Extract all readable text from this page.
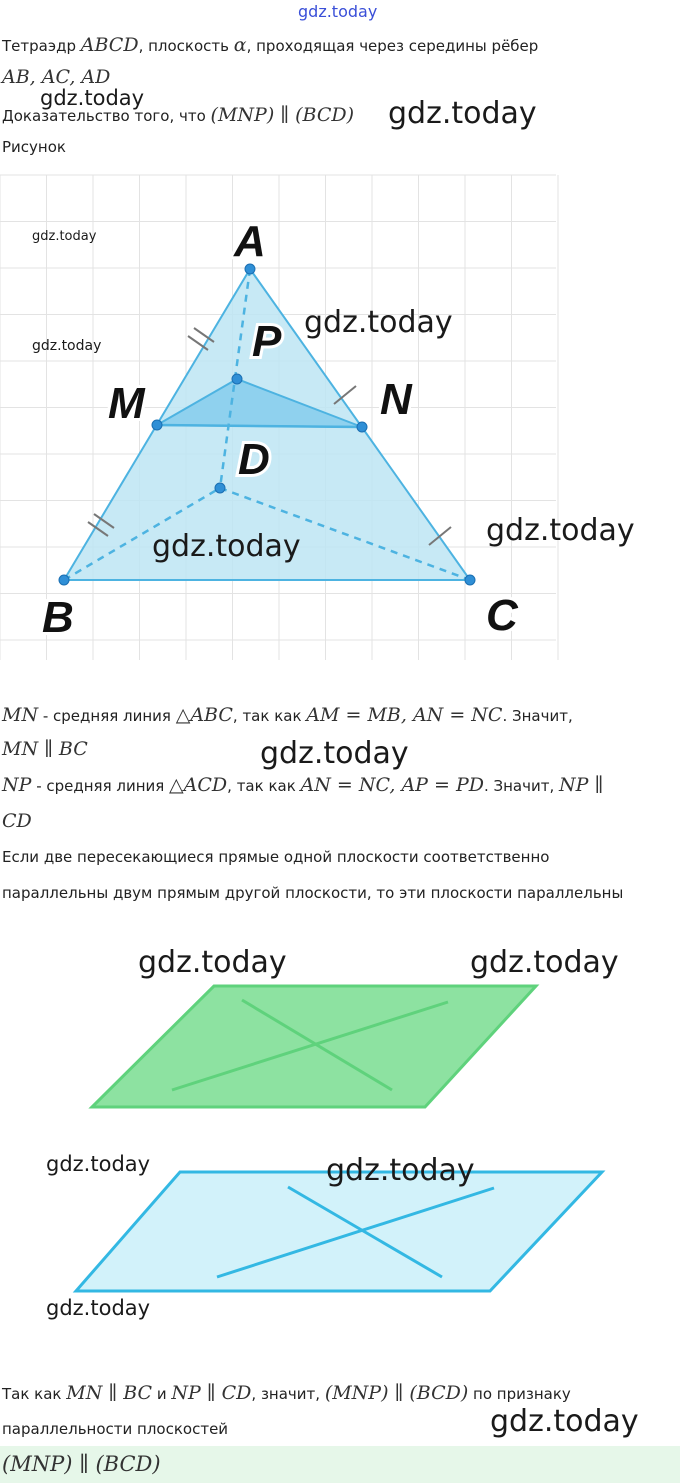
gdz.today
Тетраэдр ABCD, плоскость α, проходящая через середины рёбер
AB, AC, AD
Доказательство того, что (MNP) ∥ (BCD)
Рисунок
A
P
M	N
D
B	C
MN - средняя линия △ABC, так как AM = MB, AN = NC. Значит,
MN ∥ BC
NP - средняя линия △ACD, так как AN = NC, AP = PD. Значит, NP ∥
CD
Если две пересекающиеся прямые одной плоскости соответственно
параллельны двум прямым другой плоскости, то эти плоскости параллельны
Так как MN ∥ BC и NP ∥ CD, значит, (MNP) ∥ (BCD) по признаку
параллельности плоскостей
(MNP) ∥ (BCD)
gdz.today	gdz.today
gdz.today
gdz.today
gdz.today
gdz.today
gdz.today
gdz.today
gdz.today	gdz.today
gdz.today	gdz.today
gdz.today
gdz.today
